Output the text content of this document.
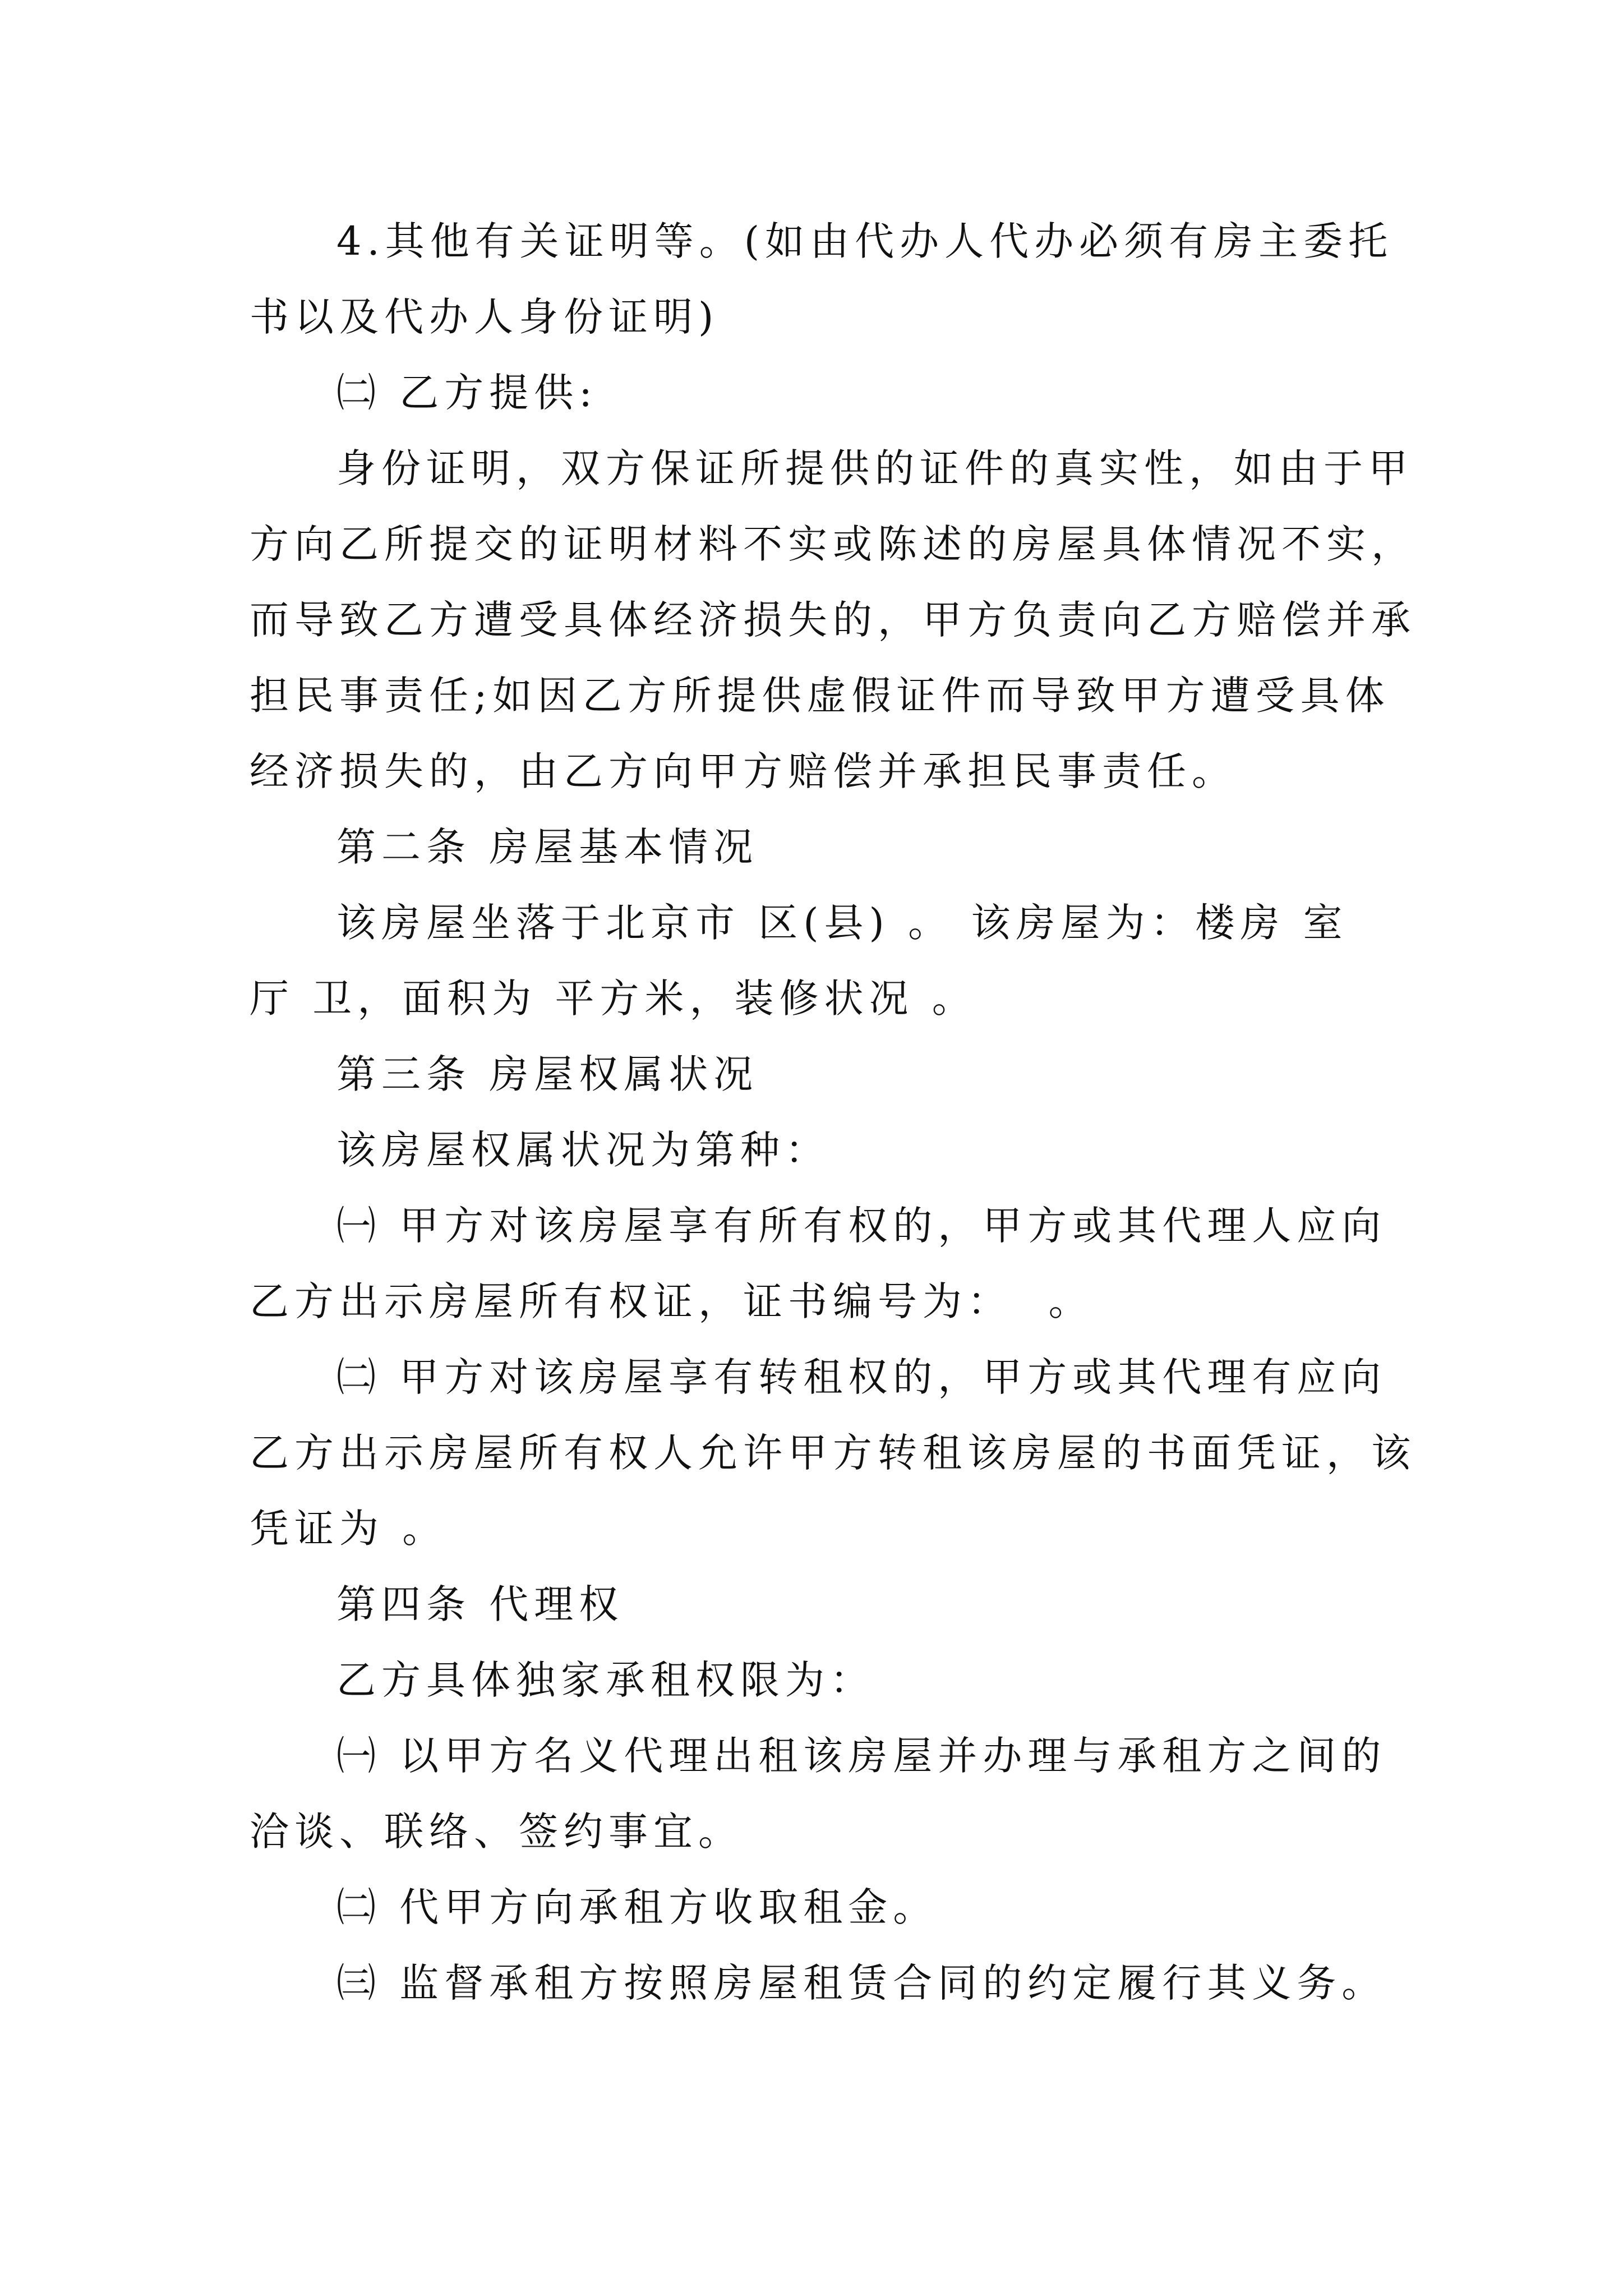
4.其他有关证明等。(如由代办人代办必须有房主委托
书以及代办人身份证明)
㈡ 乙方提供:
身份证明，双方保证所提供的证件的真实性，如由于甲
方向乙所提交的证明材料不实或陈述的房屋具体情况不实，
而导致乙方遭受具体经济损失的，甲方负责向乙方赔偿并承
担民事责任;如因乙方所提供虚假证件而导致甲方遭受具体
经济损失的，由乙方向甲方赔偿并承担民事责任。
第二条 房屋基本情况
该房屋坐落于北京市 区(县) 。 该房屋为：楼房 室
厅 卫，面积为 平方米，装修状况 。
第三条 房屋权属状况
该房屋权属状况为第种：
㈠ 甲方对该房屋享有所有权的，甲方或其代理人应向
乙方出示房屋所有权证，证书编号为：  。
㈡ 甲方对该房屋享有转租权的，甲方或其代理有应向
乙方出示房屋所有权人允许甲方转租该房屋的书面凭证，该
凭证为 。
第四条 代理权
乙方具体独家承租权限为：
㈠ 以甲方名义代理出租该房屋并办理与承租方之间的
洽谈、联络、签约事宜。
㈡ 代甲方向承租方收取租金。
㈢ 监督承租方按照房屋租赁合同的约定履行其义务。
